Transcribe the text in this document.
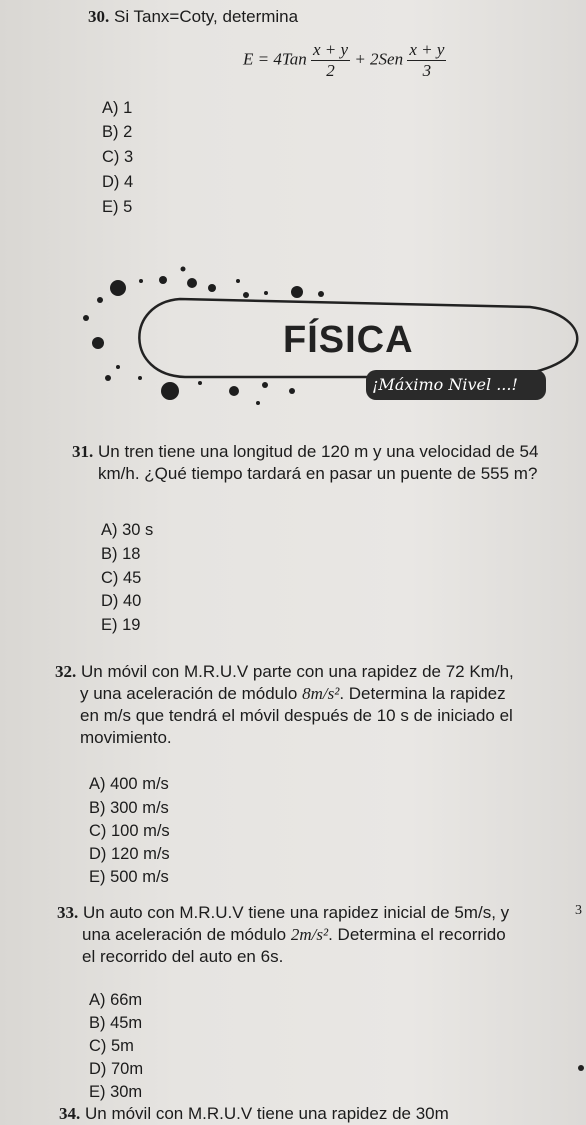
30. Si Tanx=Coty, determina
$E = 4Tan \frac{x + y}{2} + 2Sen \frac{x + y}{3}$
A) 1
B) 2
C) 3
D) 4
E) 5
FÍSICA
¡Máximo Nivel ...!
31. Un tren tiene una longitud de 120 m y una velocidad de 54
km/h. ¿Qué tiempo tardará en pasar un puente de 555 m?
A) 30 s
B) 18
C) 45
D) 40
E) 19
32. Un móvil con M.R.U.V parte con una rapidez de 72 Km/h,
y una aceleración de módulo 8m/s². Determina la rapidez
en m/s que tendrá el móvil después de 10 s de iniciado el
movimiento.
A) 400 m/s
B) 300 m/s
C) 100 m/s
D) 120 m/s
E) 500 m/s
33. Un auto con M.R.U.V tiene una rapidez inicial de 5m/s, y
una aceleración de módulo 2m/s². Determina el recorrido
el recorrido del auto en 6s.
3
A) 66m
B) 45m
C) 5m
D) 70m
E) 30m
34. Un móvil con M.R.U.V tiene una rapidez de 30m
